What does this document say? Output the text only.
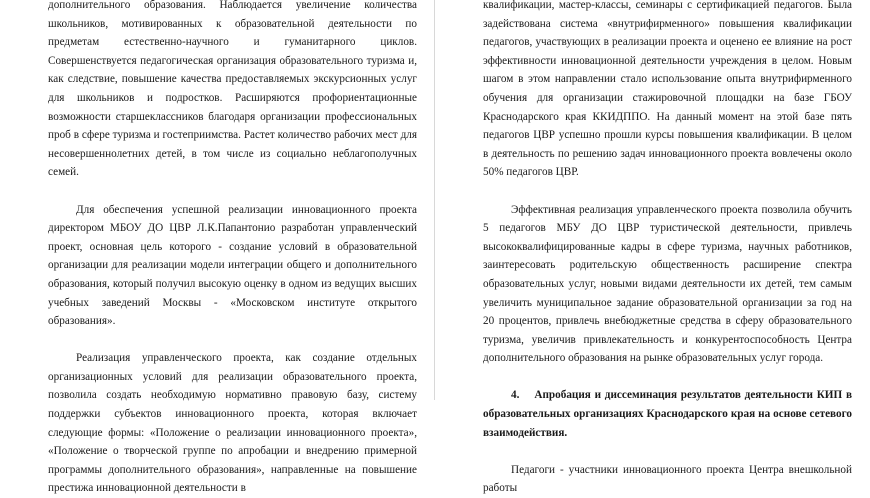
дополнительного образования. Наблюдается увеличение количества школьников, мотивированных к образовательной деятельности по предметам естественно-научного и гуманитарного циклов. Совершенствуется педагогическая организация образовательного туризма и, как следствие, повышение качества предоставляемых экскурсионных услуг для школьников и подростков. Расширяются профориентационные возможности старшеклассников благодаря организации профессиональных проб в сфере туризма и гостеприимства. Растет количество рабочих мест для несовершеннолетних детей, в том числе из социально неблагополучных семей.

Для обеспечения успешной реализации инновационного проекта директором МБОУ ДО ЦВР Л.К.Папантонио разработан управленческий проект, основная цель которого - создание условий в образовательной организации для реализации модели интеграции общего и дополнительного образования, который получил высокую оценку в одном из ведущих высших учебных заведений Москвы - «Московском институте открытого образования».

Реализация управленческого проекта, как создание отдельных организационных условий для реализации образовательного проекта, позволила создать необходимую нормативно правовую базу, систему поддержки субъектов инновационного проекта, которая включает следующие формы: «Положение о реализации инновационного проекта», «Положение о творческой группе по апробации и внедрению примерной программы дополнительного образования», направленные на повышение престижа инновационной деятельности в

квалификации, мастер-классы, семинары с сертификацией педагогов. Была задействована система «внутрифирменного» повышения квалификации педагогов, участвующих в реализации проекта и оценено ее влияние на рост эффективности инновационной деятельности учреждения в целом. Новым шагом в этом направлении стало использование опыта внутрифирменного обучения для организации стажировочной площадки на базе ГБОУ Краснодарского края ККИДППО. На данный момент на этой базе пять педагогов ЦВР успешно прошли курсы повышения квалификации. В целом в деятельность по решению задач инновационного проекта вовлечены около 50% педагогов ЦВР.

Эффективная реализация управленческого проекта позволила обучить 5 педагогов МБУ ДО ЦВР туристической деятельности, привлечь высококвалифицированные кадры в сфере туризма, научных работников, заинтересовать родительскую общественность расширение спектра образовательных услуг, новыми видами деятельности их детей, тем самым увеличить муниципальное задание образовательной организации за год на 20 процентов, привлечь внебюджетные средства в сферу образовательного туризма, увеличив привлекательность и конкурентоспособность Центра дополнительного образования на рынке образовательных услуг города.

4. Апробация и диссеминация результатов деятельности КИП в образовательных организациях Краснодарского края на основе сетевого взаимодействия.

Педагоги - участники инновационного проекта Центра внешкольной работы
